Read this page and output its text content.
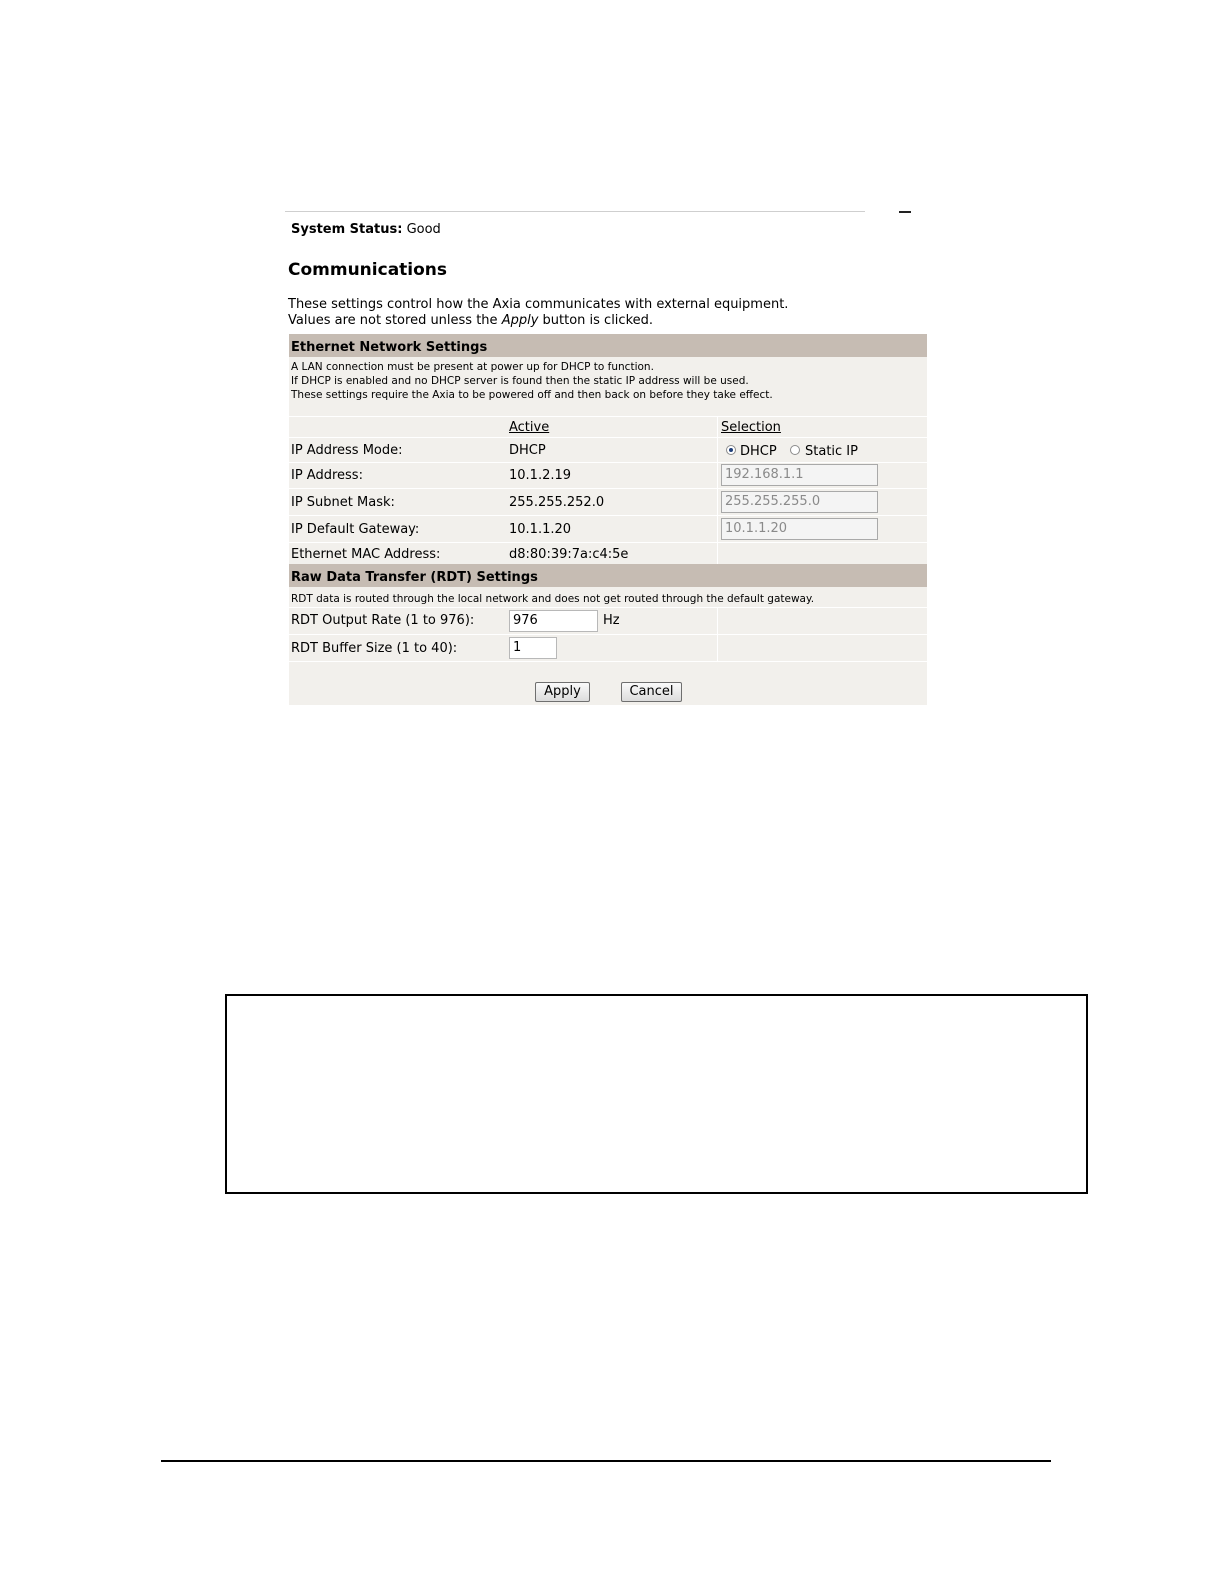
System Status: Good
Communications
These settings control how the Axia communicates with external equipment.
Values are not stored unless the Apply button is clicked.
Ethernet Network Settings
A LAN connection must be present at power up for DHCP to function.
If DHCP is enabled and no DHCP server is found then the static IP address will be used.
These settings require the Axia to be powered off and then back on before they take effect.
Active	Selection
IP Address Mode:	DHCP	DHCP Static IP
IP Address:	10.1.2.19	192.168.1.1
IP Subnet Mask:	255.255.252.0	255.255.255.0
IP Default Gateway:	10.1.1.20	10.1.1.20
Ethernet MAC Address:	d8:80:39:7a:c4:5e
Raw Data Transfer (RDT) Settings
RDT data is routed through the local network and does not get routed through the default gateway.
RDT Output Rate (1 to 976):	976	Hz
RDT Buffer Size (1 to 40):	1
Apply	Cancel
